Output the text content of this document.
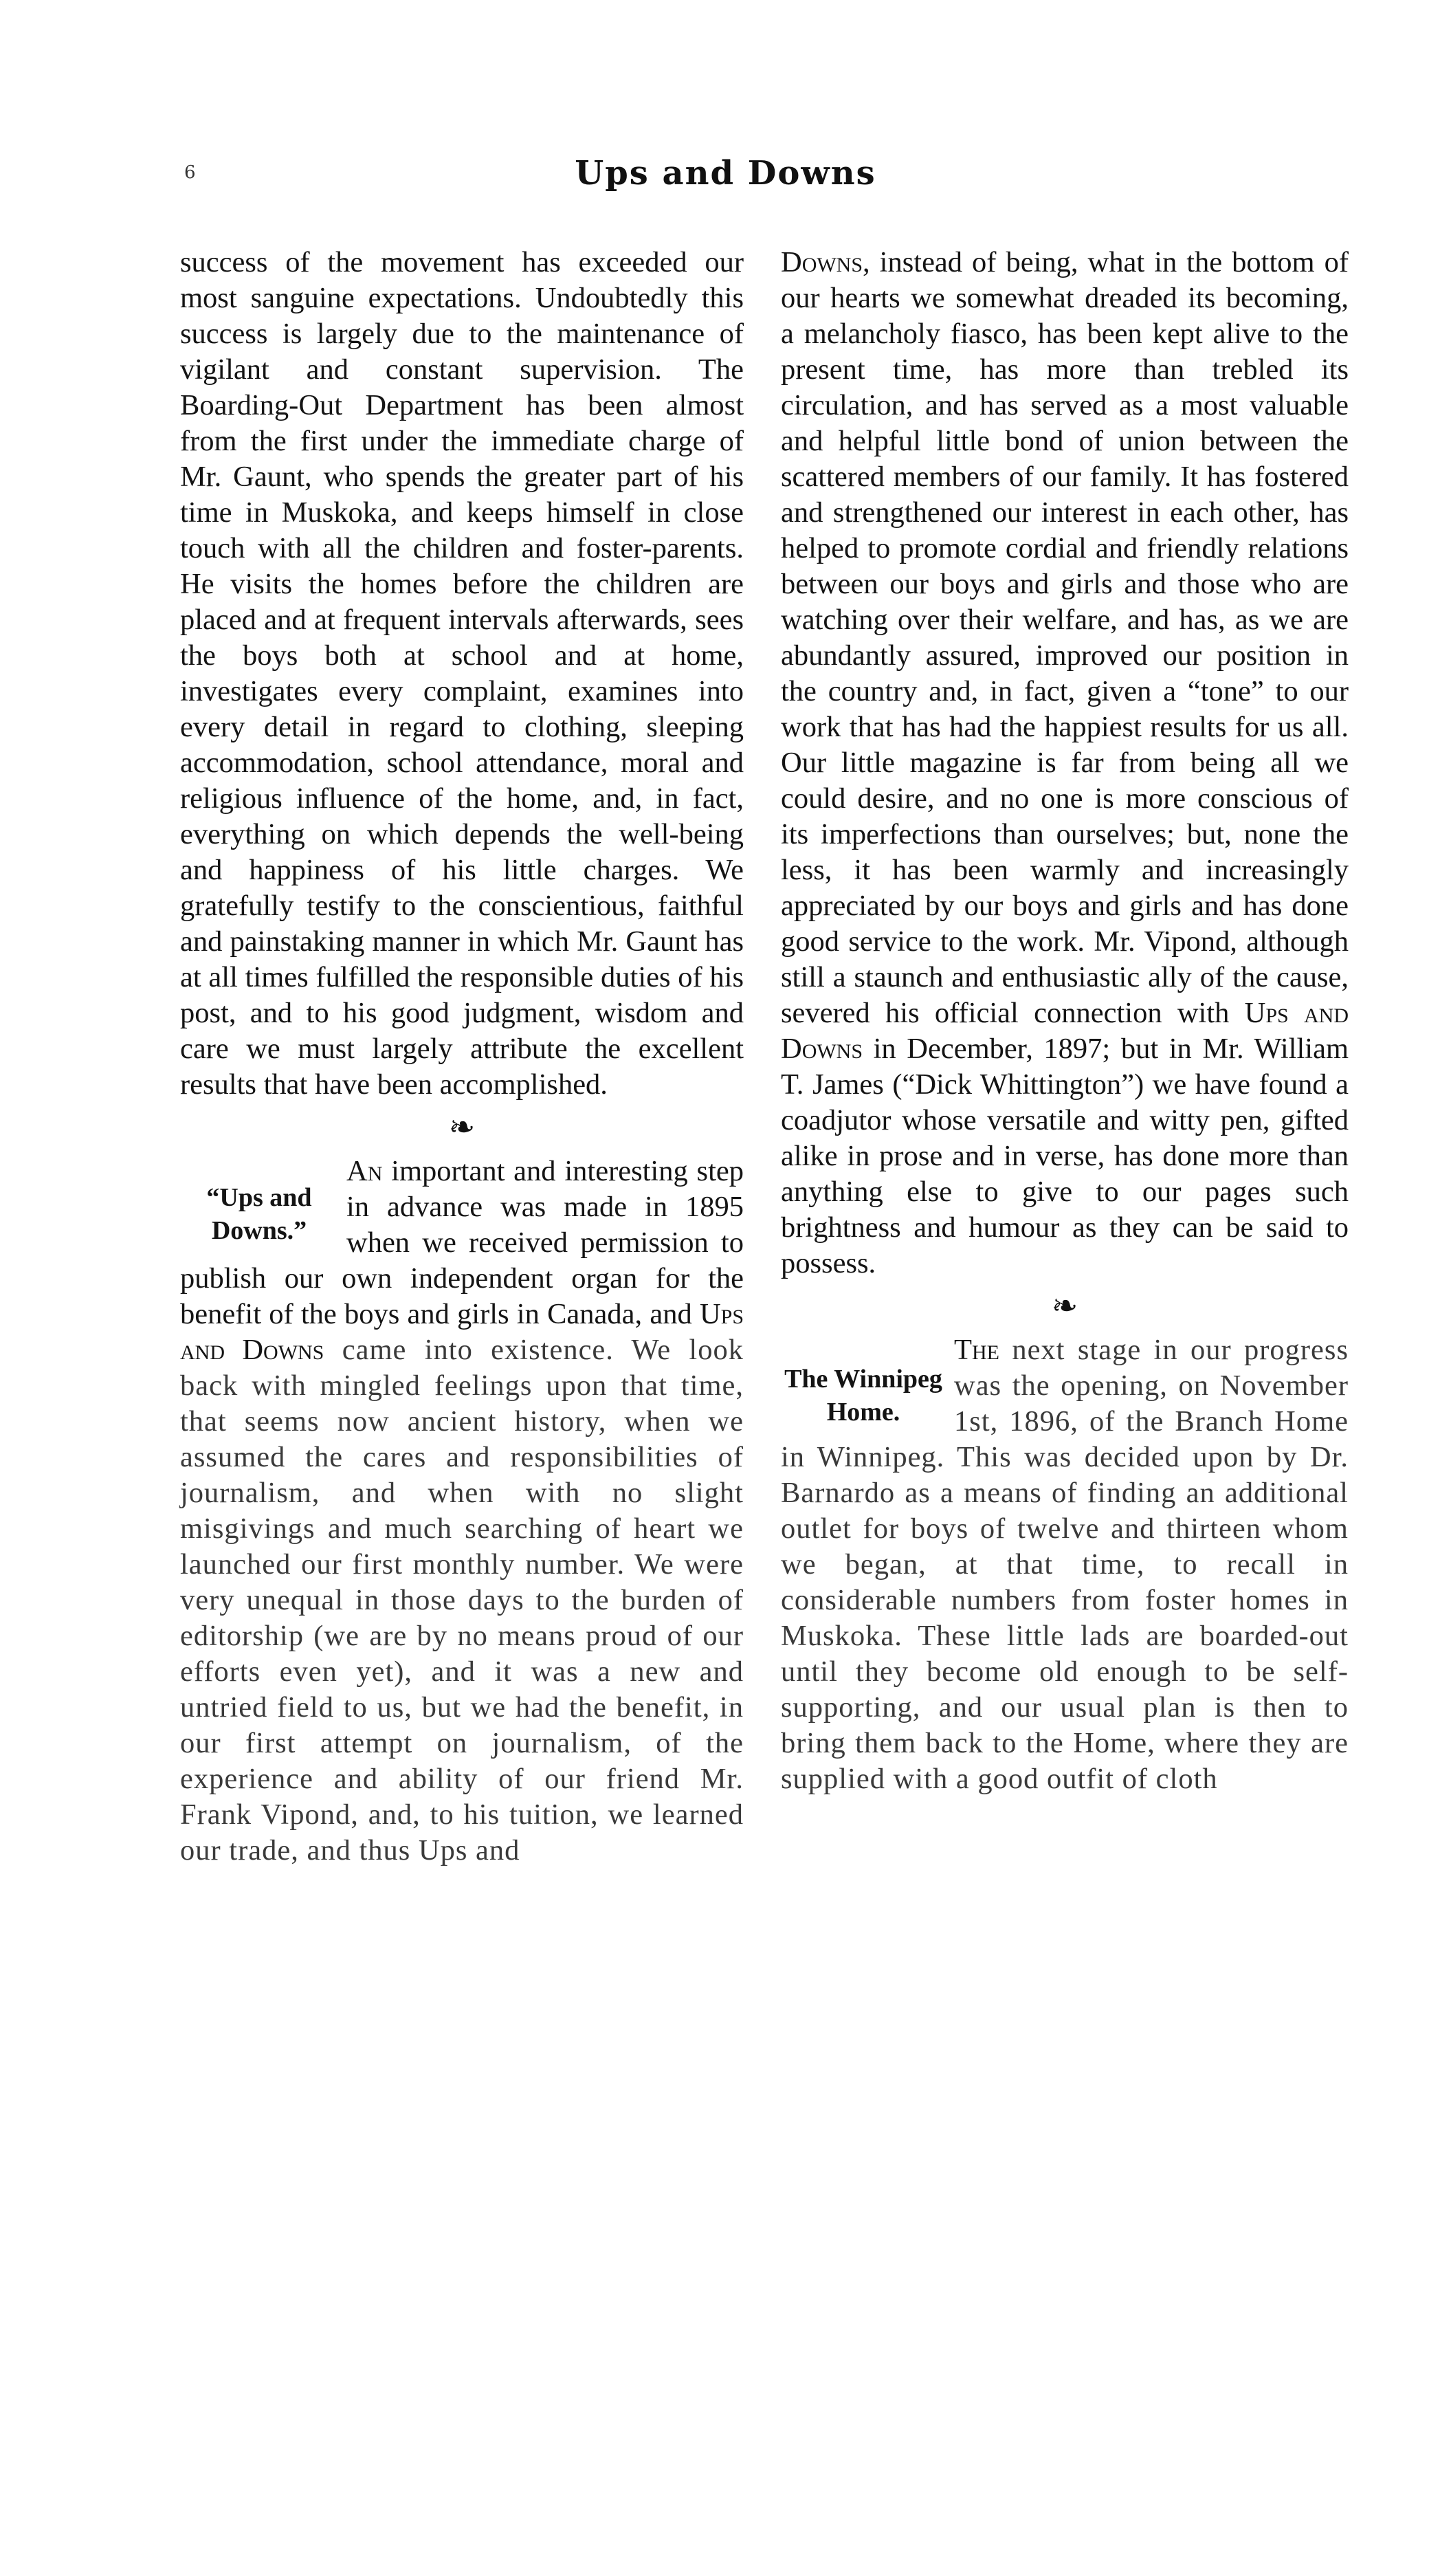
6	Ups and Downs

success of the movement has exceeded our most sanguine expectations. Undoubtedly this success is largely due to the maintenance of vigilant and constant supervision. The Boarding-Out Department has been almost from the first under the immediate charge of Mr. Gaunt, who spends the greater part of his time in Muskoka, and keeps himself in close touch with all the children and foster-parents. He visits the homes before the children are placed and at frequent intervals afterwards, sees the boys both at school and at home, investigates every complaint, examines into every detail in regard to clothing, sleeping accommodation, school attendance, moral and religious influence of the home, and, in fact, everything on which depends the well-being and happiness of his little charges. We gratefully testify to the conscientious, faithful and painstaking manner in which Mr. Gaunt has at all times fulfilled the responsible duties of his post, and to his good judgment, wisdom and care we must largely attribute the excellent results that have been accomplished.

❧

“Ups and Downs.”
An important and interesting step in advance was made in 1895 when we received permission to publish our own independent organ for the benefit of the boys and girls in Canada, and Ups and Downs came into existence. We look back with mingled feelings upon that time, that seems now ancient history, when we assumed the cares and responsibilities of journalism, and when with no slight misgivings and much searching of heart we launched our first monthly number. We were very unequal in those days to the burden of editorship (we are by no means proud of our efforts even yet), and it was a new and untried field to us, but we had the benefit, in our first attempt on journalism, of the experience and ability of our friend Mr. Frank Vipond, and, to his tuition, we learned our trade, and thus Ups and

Downs, instead of being, what in the bottom of our hearts we somewhat dreaded its becoming, a melancholy fiasco, has been kept alive to the present time, has more than trebled its circulation, and has served as a most valuable and helpful little bond of union between the scattered members of our family. It has fostered and strengthened our interest in each other, has helped to promote cordial and friendly relations between our boys and girls and those who are watching over their welfare, and has, as we are abundantly assured, improved our position in the country and, in fact, given a “tone” to our work that has had the happiest results for us all. Our little magazine is far from being all we could desire, and no one is more conscious of its imperfections than ourselves; but, none the less, it has been warmly and increasingly appreciated by our boys and girls and has done good service to the work. Mr. Vipond, although still a staunch and enthusiastic ally of the cause, severed his official connection with Ups and Downs in December, 1897; but in Mr. William T. James (“Dick Whittington”) we have found a coadjutor whose versatile and witty pen, gifted alike in prose and in verse, has done more than anything else to give to our pages such brightness and humour as they can be said to possess.

❧

The Winnipeg Home.
The next stage in our progress was the opening, on November 1st, 1896, of the Branch Home in Winnipeg. This was decided upon by Dr. Barnardo as a means of finding an additional outlet for boys of twelve and thirteen whom we began, at that time, to recall in considerable numbers from foster homes in Muskoka. These little lads are boarded-out until they become old enough to be self-supporting, and our usual plan is then to bring them back to the Home, where they are supplied with a good outfit of cloth
